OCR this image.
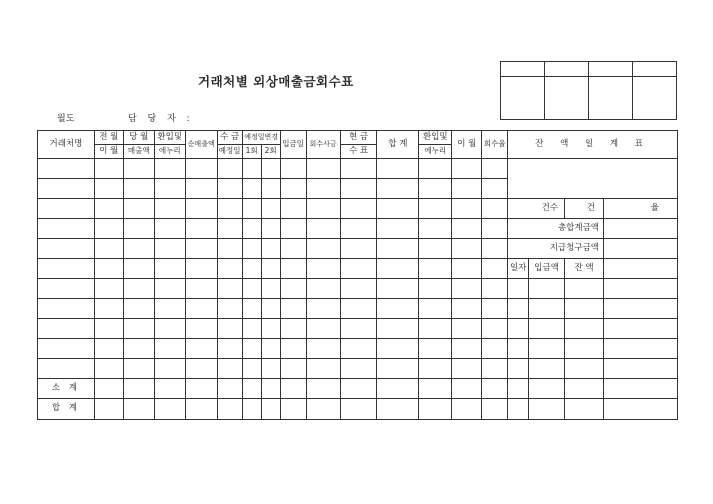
거래처별 외상매출금회수표
월도	담 당 자 :

거래처명	전 월	당 월	환입및	순매출액	수 금	예정일변경		입금일	회수사금	현 금	합 계	환입및	이 월	회수율	잔 액 일 계 표			
	이 월	매출액	에누리		예정일	1회	2회			수 표		에누리						

															건수		건	율
															총합계금액			
															지급청구금액			
															일자	입금액	잔 액	

소 계																		
합 계																		
